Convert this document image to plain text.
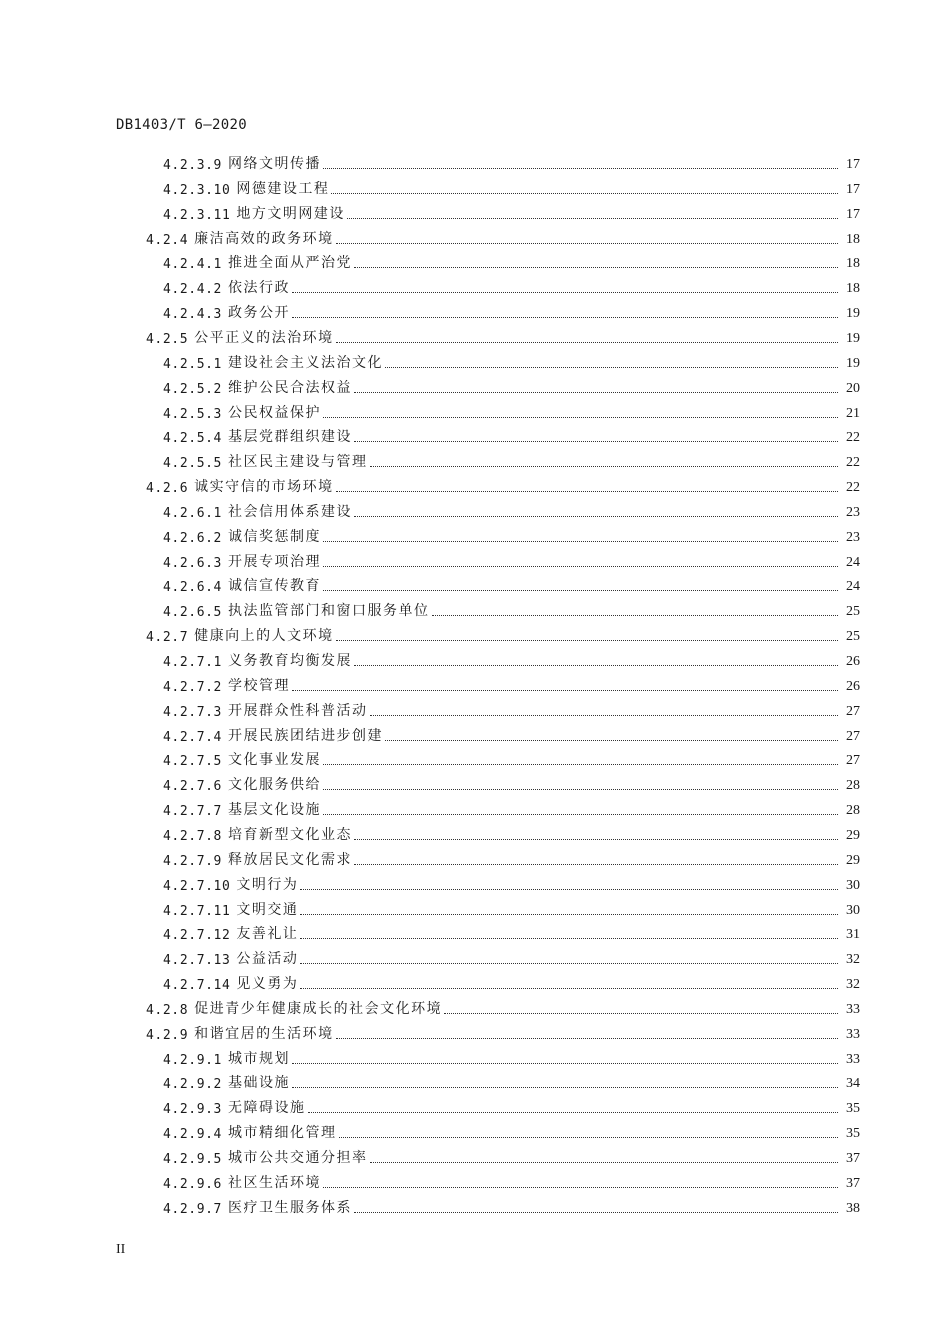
DB1403/T 6—2020
4.2.3.9 网络文明传播	17
4.2.3.10 网德建设工程	17
4.2.3.11 地方文明网建设	17
4.2.4 廉洁高效的政务环境	18
4.2.4.1 推进全面从严治党	18
4.2.4.2 依法行政	18
4.2.4.3 政务公开	19
4.2.5 公平正义的法治环境	19
4.2.5.1 建设社会主义法治文化	19
4.2.5.2 维护公民合法权益	20
4.2.5.3 公民权益保护	21
4.2.5.4 基层党群组织建设	22
4.2.5.5 社区民主建设与管理	22
4.2.6 诚实守信的市场环境	22
4.2.6.1 社会信用体系建设	23
4.2.6.2 诚信奖惩制度	23
4.2.6.3 开展专项治理	24
4.2.6.4 诚信宣传教育	24
4.2.6.5 执法监管部门和窗口服务单位	25
4.2.7 健康向上的人文环境	25
4.2.7.1 义务教育均衡发展	26
4.2.7.2 学校管理	26
4.2.7.3 开展群众性科普活动	27
4.2.7.4 开展民族团结进步创建	27
4.2.7.5 文化事业发展	27
4.2.7.6 文化服务供给	28
4.2.7.7 基层文化设施	28
4.2.7.8 培育新型文化业态	29
4.2.7.9 释放居民文化需求	29
4.2.7.10 文明行为	30
4.2.7.11 文明交通	30
4.2.7.12 友善礼让	31
4.2.7.13 公益活动	32
4.2.7.14 见义勇为	32
4.2.8 促进青少年健康成长的社会文化环境	33
4.2.9 和谐宜居的生活环境	33
4.2.9.1 城市规划	33
4.2.9.2 基础设施	34
4.2.9.3 无障碍设施	35
4.2.9.4 城市精细化管理	35
4.2.9.5 城市公共交通分担率	37
4.2.9.6 社区生活环境	37
4.2.9.7 医疗卫生服务体系	38
II
